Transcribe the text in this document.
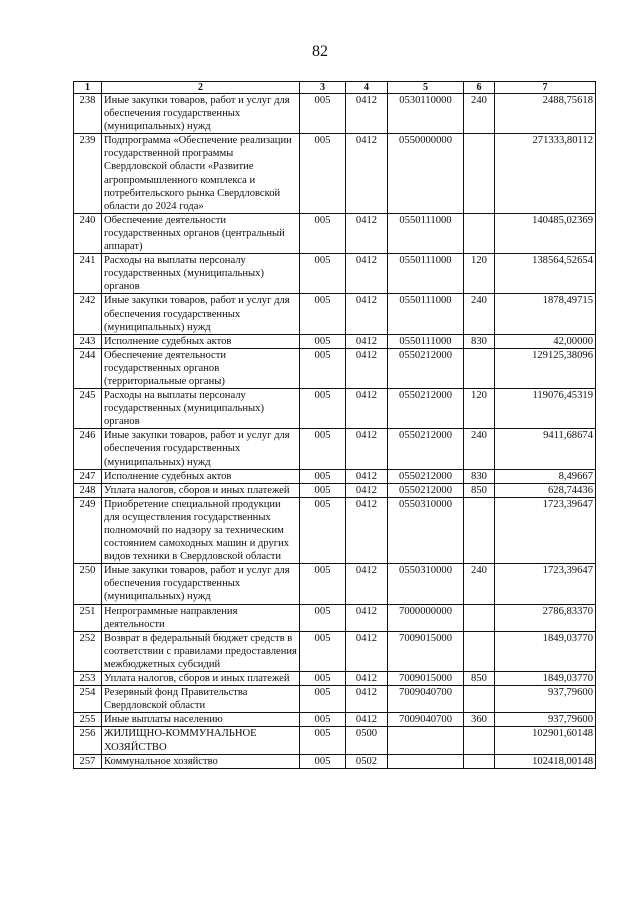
82
1	2	3	4	5	6	7
238	Иные закупки товаров, работ и услуг для обеспечения государственных (муниципальных) нужд	005	0412	0530110000	240	2488,75618
239	Подпрограмма «Обеспечение реализации государственной программы Свердловской области «Развитие агропромышленного комплекса и потребительского рынка Свердловской области до 2024 года»	005	0412	0550000000		271333,80112
240	Обеспечение деятельности государственных органов (центральный аппарат)	005	0412	0550111000		140485,02369
241	Расходы на выплаты персоналу государственных (муниципальных) органов	005	0412	0550111000	120	138564,52654
242	Иные закупки товаров, работ и услуг для обеспечения государственных (муниципальных) нужд	005	0412	0550111000	240	1878,49715
243	Исполнение судебных актов	005	0412	0550111000	830	42,00000
244	Обеспечение деятельности государственных органов (территориальные органы)	005	0412	0550212000		129125,38096
245	Расходы на выплаты персоналу государственных (муниципальных) органов	005	0412	0550212000	120	119076,45319
246	Иные закупки товаров, работ и услуг для обеспечения государственных (муниципальных) нужд	005	0412	0550212000	240	9411,68674
247	Исполнение судебных актов	005	0412	0550212000	830	8,49667
248	Уплата налогов, сборов и иных платежей	005	0412	0550212000	850	628,74436
249	Приобретение специальной продукции для осуществления государственных полномочий по надзору за техническим состоянием самоходных машин и других видов техники в Свердловской области	005	0412	0550310000		1723,39647
250	Иные закупки товаров, работ и услуг для обеспечения государственных (муниципальных) нужд	005	0412	0550310000	240	1723,39647
251	Непрограммные направления деятельности	005	0412	7000000000		2786,83370
252	Возврат в федеральный бюджет средств в соответствии с правилами предоставления межбюджетных субсидий	005	0412	7009015000		1849,03770
253	Уплата налогов, сборов и иных платежей	005	0412	7009015000	850	1849,03770
254	Резервный фонд Правительства Свердловской области	005	0412	7009040700		937,79600
255	Иные выплаты населению	005	0412	7009040700	360	937,79600
256	ЖИЛИЩНО-КОММУНАЛЬНОЕ ХОЗЯЙСТВО	005	0500			102901,60148
257	Коммунальное хозяйство	005	0502			102418,00148
